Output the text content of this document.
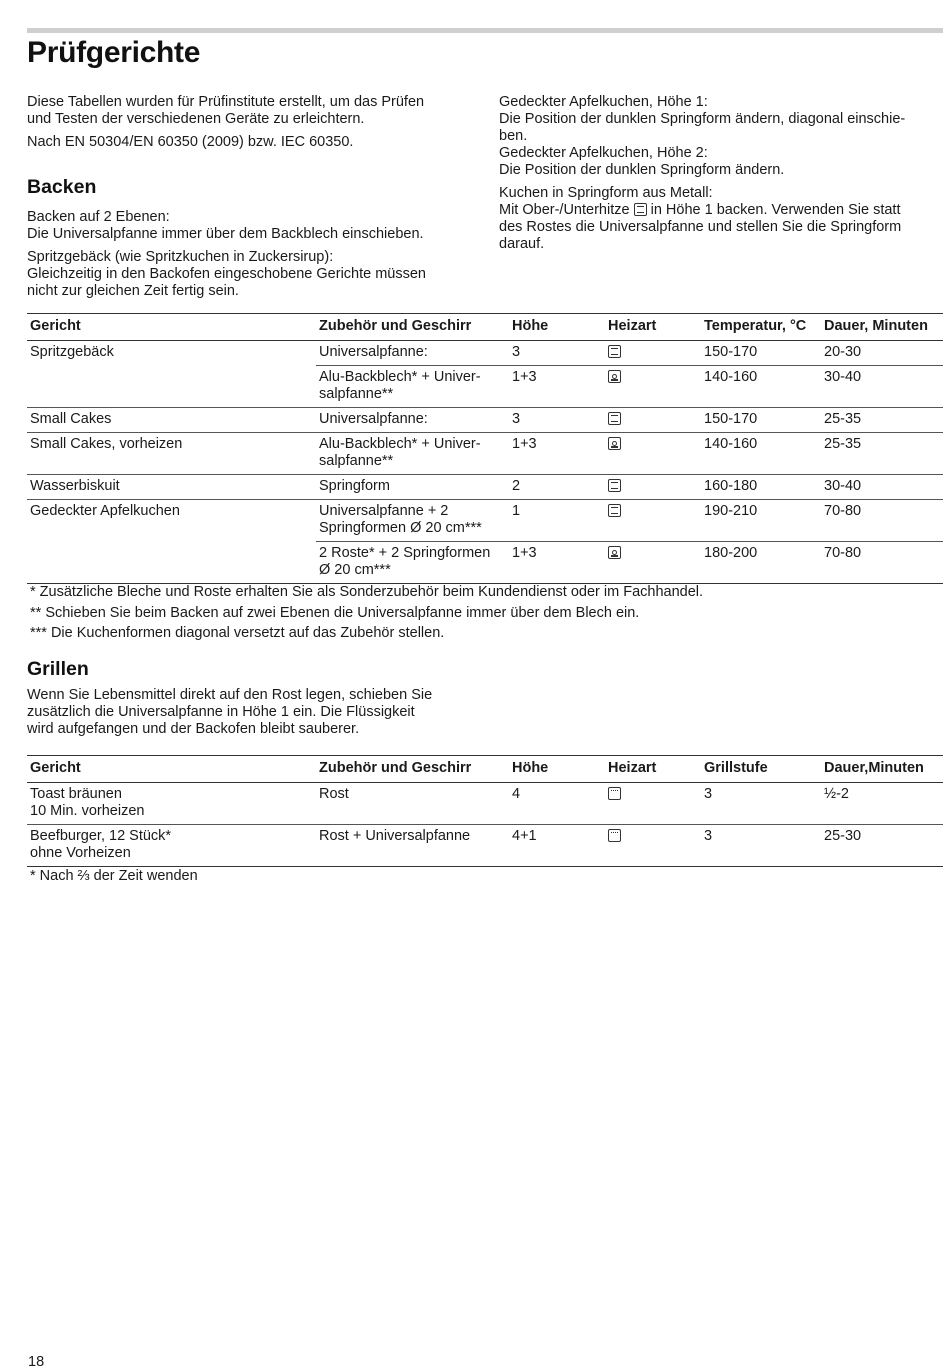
Prüfgerichte

Diese Tabellen wurden für Prüfinstitute erstellt, um das Prüfen
und Testen der verschiedenen Geräte zu erleichtern.

Nach EN 50304/EN 60350 (2009) bzw. IEC 60350.

Backen

Backen auf 2 Ebenen:
Die Universalpfanne immer über dem Backblech einschieben.

Spritzgebäck (wie Spritzkuchen in Zuckersirup):
Gleichzeitig in den Backofen eingeschobene Gerichte müssen
nicht zur gleichen Zeit fertig sein.

Gedeckter Apfelkuchen, Höhe 1:
Die Position der dunklen Springform ändern, diagonal einschie-
ben.
Gedeckter Apfelkuchen, Höhe 2:
Die Position der dunklen Springform ändern.

Kuchen in Springform aus Metall:
Mit Ober-/Unterhitze  in Höhe 1 backen. Verwenden Sie statt
des Rostes die Universalpfanne und stellen Sie die Springform
darauf.

Gericht	Zubehör und Geschirr	Höhe	Heizart	Temperatur, °C	Dauer, Minuten
Spritzgebäck	Universalpfanne:	3		150-170	20-30
	Alu-Backblech* + Univer-
salpfanne**	1+3		140-160	30-40
Small Cakes	Universalpfanne:	3		150-170	25-35
Small Cakes, vorheizen	Alu-Backblech* + Univer-
salpfanne**	1+3		140-160	25-35
Wasserbiskuit	Springform	2		160-180	30-40
Gedeckter Apfelkuchen	Universalpfanne + 2
Springformen Ø 20 cm***	1		190-210	70-80
	2 Roste* + 2 Springformen
Ø 20 cm***	1+3		180-200	70-80
* Zusätzliche Bleche und Roste erhalten Sie als Sonderzubehör beim Kundendienst oder im Fachhandel.
** Schieben Sie beim Backen auf zwei Ebenen die Universalpfanne immer über dem Blech ein.
*** Die Kuchenformen diagonal versetzt auf das Zubehör stellen.
Grillen

Wenn Sie Lebensmittel direkt auf den Rost legen, schieben Sie
zusätzlich die Universalpfanne in Höhe 1 ein. Die Flüssigkeit
wird aufgefangen und der Backofen bleibt sauberer.

Gericht	Zubehör und Geschirr	Höhe	Heizart	Grillstufe	Dauer,Minuten
Toast bräunen
10 Min. vorheizen	Rost	4		3	½-2
Beefburger, 12 Stück*
ohne Vorheizen	Rost + Universalpfanne	4+1		3	25-30
* Nach ⅔ der Zeit wenden
18
